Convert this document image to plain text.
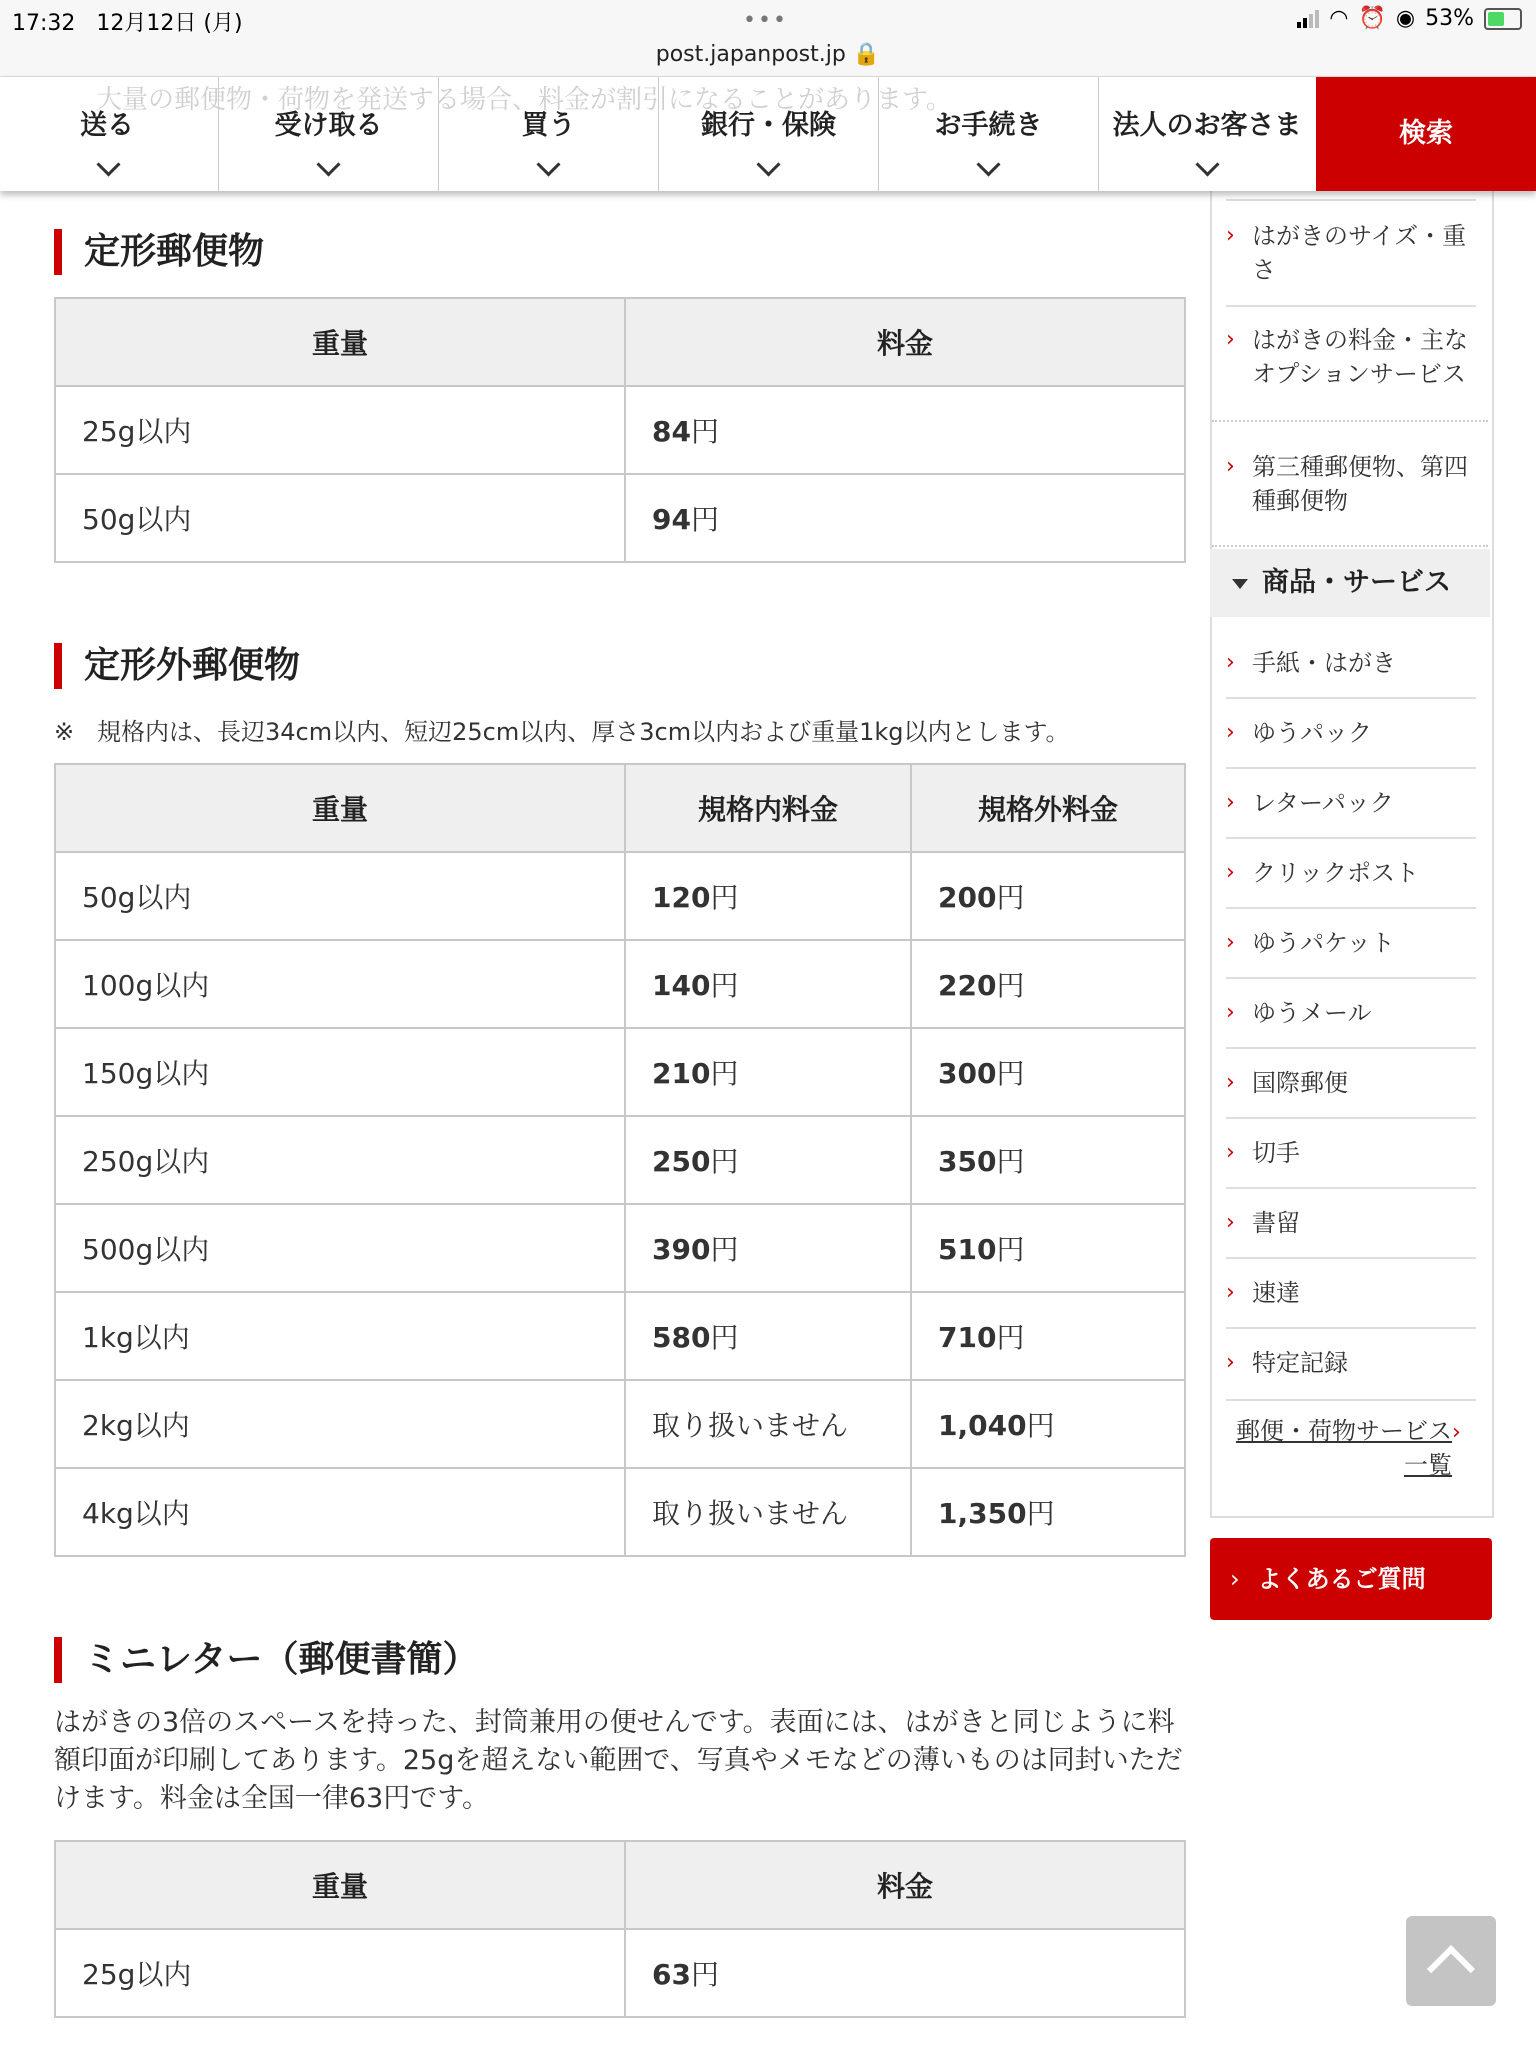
17:32 12月12日 (月)	•••
post.japanpost.jp 🔒
◠ ⏰ ◉ 53%
大量の郵便物・荷物を発送する場合、料金が割引になることがあります。
送る	受け取る	買う	銀行・保険	お手続き	法人のお客さま	検索
定形郵便物
重量	料金
25g以内	84円
50g以内	94円
定形外郵便物
※ 規格内は、長辺34cm以内、短辺25cm以内、厚さ3cm以内および重量1kg以内とします。
重量	規格内料金	規格外料金
50g以内	120円	200円
100g以内	140円	220円
150g以内	210円	300円
250g以内	250円	350円
500g以内	390円	510円
1kg以内	580円	710円
2kg以内	取り扱いません	1,040円
4kg以内	取り扱いません	1,350円
ミニレター（郵便書簡）
はがきの3倍のスペースを持った、封筒兼用の便せんです。表面には、はがきと同じように料額印面が印刷してあります。25gを超えない範囲で、写真やメモなどの薄いものは同封いただけます。料金は全国一律63円です。
重量	料金
25g以内	63円
› はがきのサイズ・重さ
› はがきの料金・主なオプションサービス
› 第三種郵便物、第四種郵便物
商品・サービス
› 手紙・はがき
› ゆうパック
› レターパック
› クリックポスト
› ゆうパケット
› ゆうメール
› 国際郵便
› 切手
› 書留
› 速達
› 特定記録
郵便・荷物サービス一覧
›
› よくあるご質問
